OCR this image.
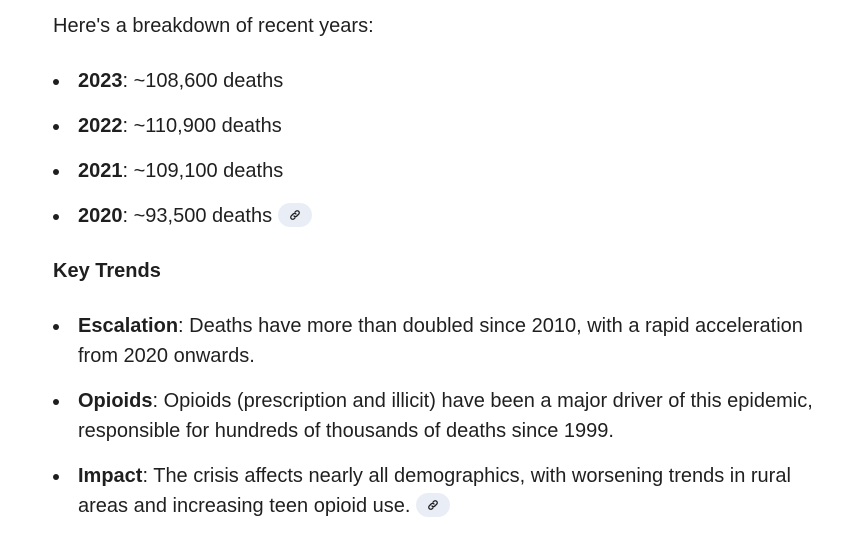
Here's a breakdown of recent years:

2023: ~108,600 deaths
2022: ~110,900 deaths
2021: ~109,100 deaths
2020: ~93,500 deaths

Key Trends

Escalation: Deaths have more than doubled since 2010, with a rapid acceleration from 2020 onwards.
Opioids: Opioids (prescription and illicit) have been a major driver of this epidemic, responsible for hundreds of thousands of deaths since 1999.
Impact: The crisis affects nearly all demographics, with worsening trends in rural areas and increasing teen opioid use.
